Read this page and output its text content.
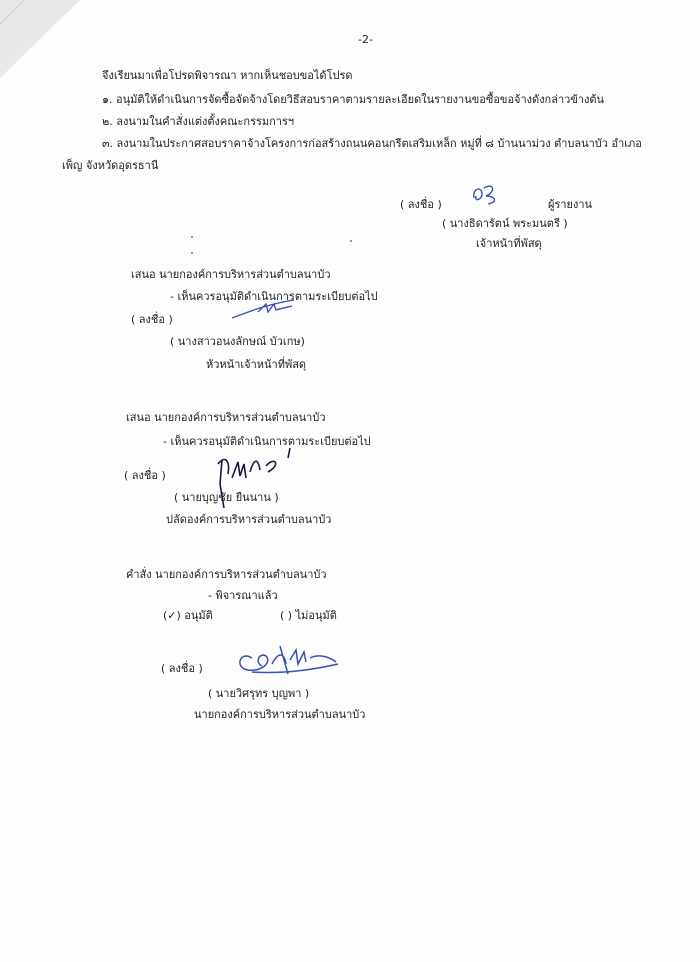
-2-
จึงเรียนมาเพื่อโปรดพิจารณา หากเห็นชอบขอได้โปรด
๑. อนุมัติให้ดำเนินการจัดซื้อจัดจ้างโดยวิธีสอบราคาตามรายละเอียดในรายงานขอซื้อขอจ้างดังกล่าวข้างต้น
๒. ลงนามในคำสั่งแต่งตั้งคณะกรรมการฯ
๓. ลงนามในประกาศสอบราคาจ้างโครงการก่อสร้างถนนคอนกรีตเสริมเหล็ก หมู่ที่ ๘ บ้านนาม่วง ตำบลนาบัว อำเภอ
เพ็ญ จังหวัดอุดรธานี
( ลงชื่อ )	ผู้รายงาน
( นางธิดารัตน์ พระมนตรี )
เจ้าหน้าที่พัสดุ
เสนอ นายกองค์การบริหารส่วนตำบลนาบัว
- เห็นควรอนุมัติดำเนินการตามระเบียบต่อไป
( ลงชื่อ )
( นางสาวอนงลักษณ์ บัวเกษ)
หัวหน้าเจ้าหน้าที่พัสดุ
เสนอ นายกองค์การบริหารส่วนตำบลนาบัว
- เห็นควรอนุมัติดำเนินการตามระเบียบต่อไป
( ลงชื่อ )
( นายบุญชัย ยืนนาน )
ปลัดองค์การบริหารส่วนตำบลนาบัว
คำสั่ง นายกองค์การบริหารส่วนตำบลนาบัว
- พิจารณาแล้ว
(✓) อนุมัติ	( ) ไม่อนุมัติ
( ลงชื่อ )
( นายวิศรุทร บุญพา )
นายกองค์การบริหารส่วนตำบลนาบัว
